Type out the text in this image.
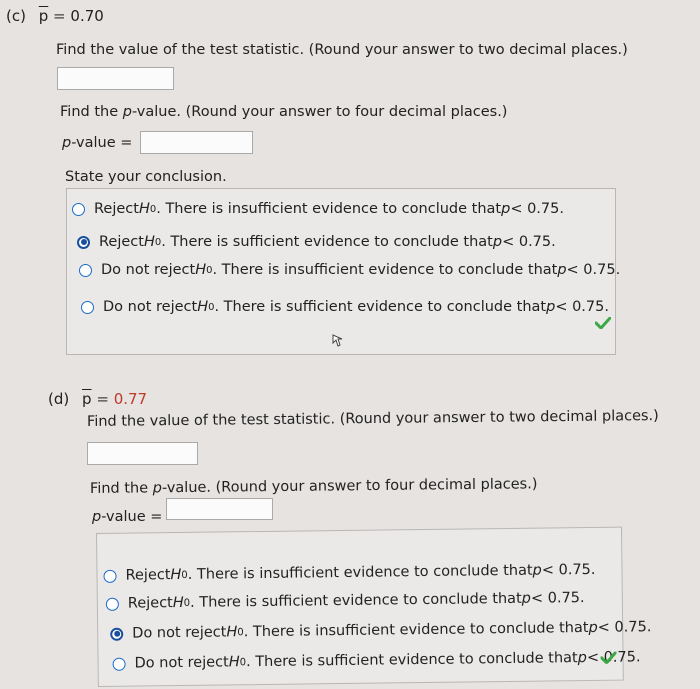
(c) $\overline{p} = 0.70$
Find the value of the test statistic. (Round your answer to two decimal places.)
Find the p-value. (Round your answer to four decimal places.)
p-value =
State your conclusion.
Reject H 0 . There is insufficient evidence to conclude that p < 0.75.
Reject H 0 . There is sufficient evidence to conclude that p < 0.75.
Do not reject H 0 . There is insufficient evidence to conclude that p < 0.75.
Do not reject H 0 . There is sufficient evidence to conclude that p < 0.75.
(d) $\overline{p} = 0.77$
Find the value of the test statistic. (Round your answer to two decimal places.)
Find the p-value. (Round your answer to four decimal places.)
p-value =
Reject H 0 . There is insufficient evidence to conclude that p < 0.75.
Reject H 0 . There is sufficient evidence to conclude that p < 0.75.
Do not reject H 0 . There is insufficient evidence to conclude that p < 0.75.
Do not reject H 0 . There is sufficient evidence to conclude that p < 0.75.
